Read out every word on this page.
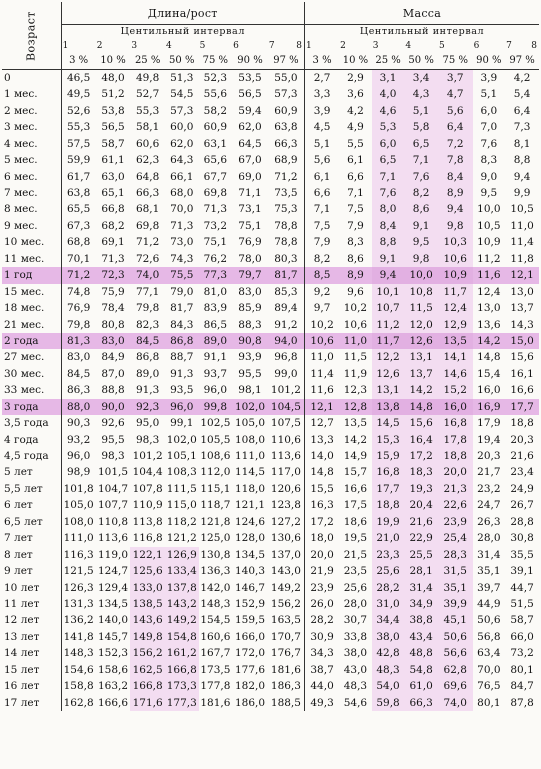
Возраст	Длина/рост							Масса						
	Центильный интервал							Центильный интервал						

	1	2	3	4	5	6	7 8	1	2	3	4	5	6	7 8

	3 %	10 %	25 %	50 %	75 %	90 %	97 %	3 %	10 %	25 %	50 %	75 %	90 %	97 %
0	46,5	48,0	49,8	51,3	52,3	53,5	55,0	2,7	2,9	3,1	3,4	3,7	3,9	4,2
1 мес.	49,5	51,2	52,7	54,5	55,6	56,5	57,3	3,3	3,6	4,0	4,3	4,7	5,1	5,4
2 мес.	52,6	53,8	55,3	57,3	58,2	59,4	60,9	3,9	4,2	4,6	5,1	5,6	6,0	6,4
3 мес.	55,3	56,5	58,1	60,0	60,9	62,0	63,8	4,5	4,9	5,3	5,8	6,4	7,0	7,3
4 мес.	57,5	58,7	60,6	62,0	63,1	64,5	66,3	5,1	5,5	6,0	6,5	7,2	7,6	8,1
5 мес.	59,9	61,1	62,3	64,3	65,6	67,0	68,9	5,6	6,1	6,5	7,1	7,8	8,3	8,8
6 мес.	61,7	63,0	64,8	66,1	67,7	69,0	71,2	6,1	6,6	7,1	7,6	8,4	9,0	9,4
7 мес.	63,8	65,1	66,3	68,0	69,8	71,1	73,5	6,6	7,1	7,6	8,2	8,9	9,5	9,9
8 мес.	65,5	66,8	68,1	70,0	71,3	73,1	75,3	7,1	7,5	8,0	8,6	9,4	10,0	10,5
9 мес.	67,3	68,2	69,8	71,3	73,2	75,1	78,8	7,5	7,9	8,4	9,1	9,8	10,5	11,0
10 мес.	68,8	69,1	71,2	73,0	75,1	76,9	78,8	7,9	8,3	8,8	9,5	10,3	10,9	11,4
11 мес.	70,1	71,3	72,6	74,3	76,2	78,0	80,3	8,2	8,6	9,1	9,8	10,6	11,2	11,8
1 год	71,2	72,3	74,0	75,5	77,3	79,7	81,7	8,5	8,9	9,4	10,0	10,9	11,6	12,1
15 мес.	74,8	75,9	77,1	79,0	81,0	83,0	85,3	9,2	9,6	10,1	10,8	11,7	12,4	13,0
18 мес.	76,9	78,4	79,8	81,7	83,9	85,9	89,4	9,7	10,2	10,7	11,5	12,4	13,0	13,7
21 мес.	79,8	80,8	82,3	84,3	86,5	88,3	91,2	10,2	10,6	11,2	12,0	12,9	13,6	14,3
2 года	81,3	83,0	84,5	86,8	89,0	90,8	94,0	10,6	11,0	11,7	12,6	13,5	14,2	15,0
27 мес.	83,0	84,9	86,8	88,7	91,1	93,9	96,8	11,0	11,5	12,2	13,1	14,1	14,8	15,6
30 мес.	84,5	87,0	89,0	91,3	93,7	95,5	99,0	11,4	11,9	12,6	13,7	14,6	15,4	16,1
33 мес.	86,3	88,8	91,3	93,5	96,0	98,1	101,2	11,6	12,3	13,1	14,2	15,2	16,0	16,6
3 года	88,0	90,0	92,3	96,0	99,8	102,0	104,5	12,1	12,8	13,8	14,8	16,0	16,9	17,7
3,5 года	90,3	92,6	95,0	99,1	102,5	105,0	107,5	12,7	13,5	14,5	15,6	16,8	17,9	18,8
4 года	93,2	95,5	98,3	102,0	105,5	108,0	110,6	13,3	14,2	15,3	16,4	17,8	19,4	20,3
4,5 года	96,0	98,3	101,2	105,1	108,6	111,0	113,6	14,0	14,9	15,9	17,2	18,8	20,3	21,6
5 лет	98,9	101,5	104,4	108,3	112,0	114,5	117,0	14,8	15,7	16,8	18,3	20,0	21,7	23,4
5,5 лет	101,8	104,7	107,8	111,5	115,1	118,0	120,6	15,5	16,6	17,7	19,3	21,3	23,2	24,9
6 лет	105,0	107,7	110,9	115,0	118,7	121,1	123,8	16,3	17,5	18,8	20,4	22,6	24,7	26,7
6,5 лет	108,0	110,8	113,8	118,2	121,8	124,6	127,2	17,2	18,6	19,9	21,6	23,9	26,3	28,8
7 лет	111,0	113,6	116,8	121,2	125,0	128,0	130,6	18,0	19,5	21,0	22,9	25,4	28,0	30,8
8 лет	116,3	119,0	122,1	126,9	130,8	134,5	137,0	20,0	21,5	23,3	25,5	28,3	31,4	35,5
9 лет	121,5	124,7	125,6	133,4	136,3	140,3	143,0	21,9	23,5	25,6	28,1	31,5	35,1	39,1
10 лет	126,3	129,4	133,0	137,8	142,0	146,7	149,2	23,9	25,6	28,2	31,4	35,1	39,7	44,7
11 лет	131,3	134,5	138,5	143,2	148,3	152,9	156,2	26,0	28,0	31,0	34,9	39,9	44,9	51,5
12 лет	136,2	140,0	143,6	149,2	154,5	159,5	163,5	28,2	30,7	34,4	38,8	45,1	50,6	58,7
13 лет	141,8	145,7	149,8	154,8	160,6	166,0	170,7	30,9	33,8	38,0	43,4	50,6	56,8	66,0
14 лет	148,3	152,3	156,2	161,2	167,7	172,0	176,7	34,3	38,0	42,8	48,8	56,6	63,4	73,2
15 лет	154,6	158,6	162,5	166,8	173,5	177,6	181,6	38,7	43,0	48,3	54,8	62,8	70,0	80,1
16 лет	158,8	163,2	166,8	173,3	177,8	182,0	186,3	44,0	48,3	54,0	61,0	69,6	76,5	84,7
17 лет	162,8	166,6	171,6	177,3	181,6	186,0	188,5	49,3	54,6	59,8	66,3	74,0	80,1	87,8
